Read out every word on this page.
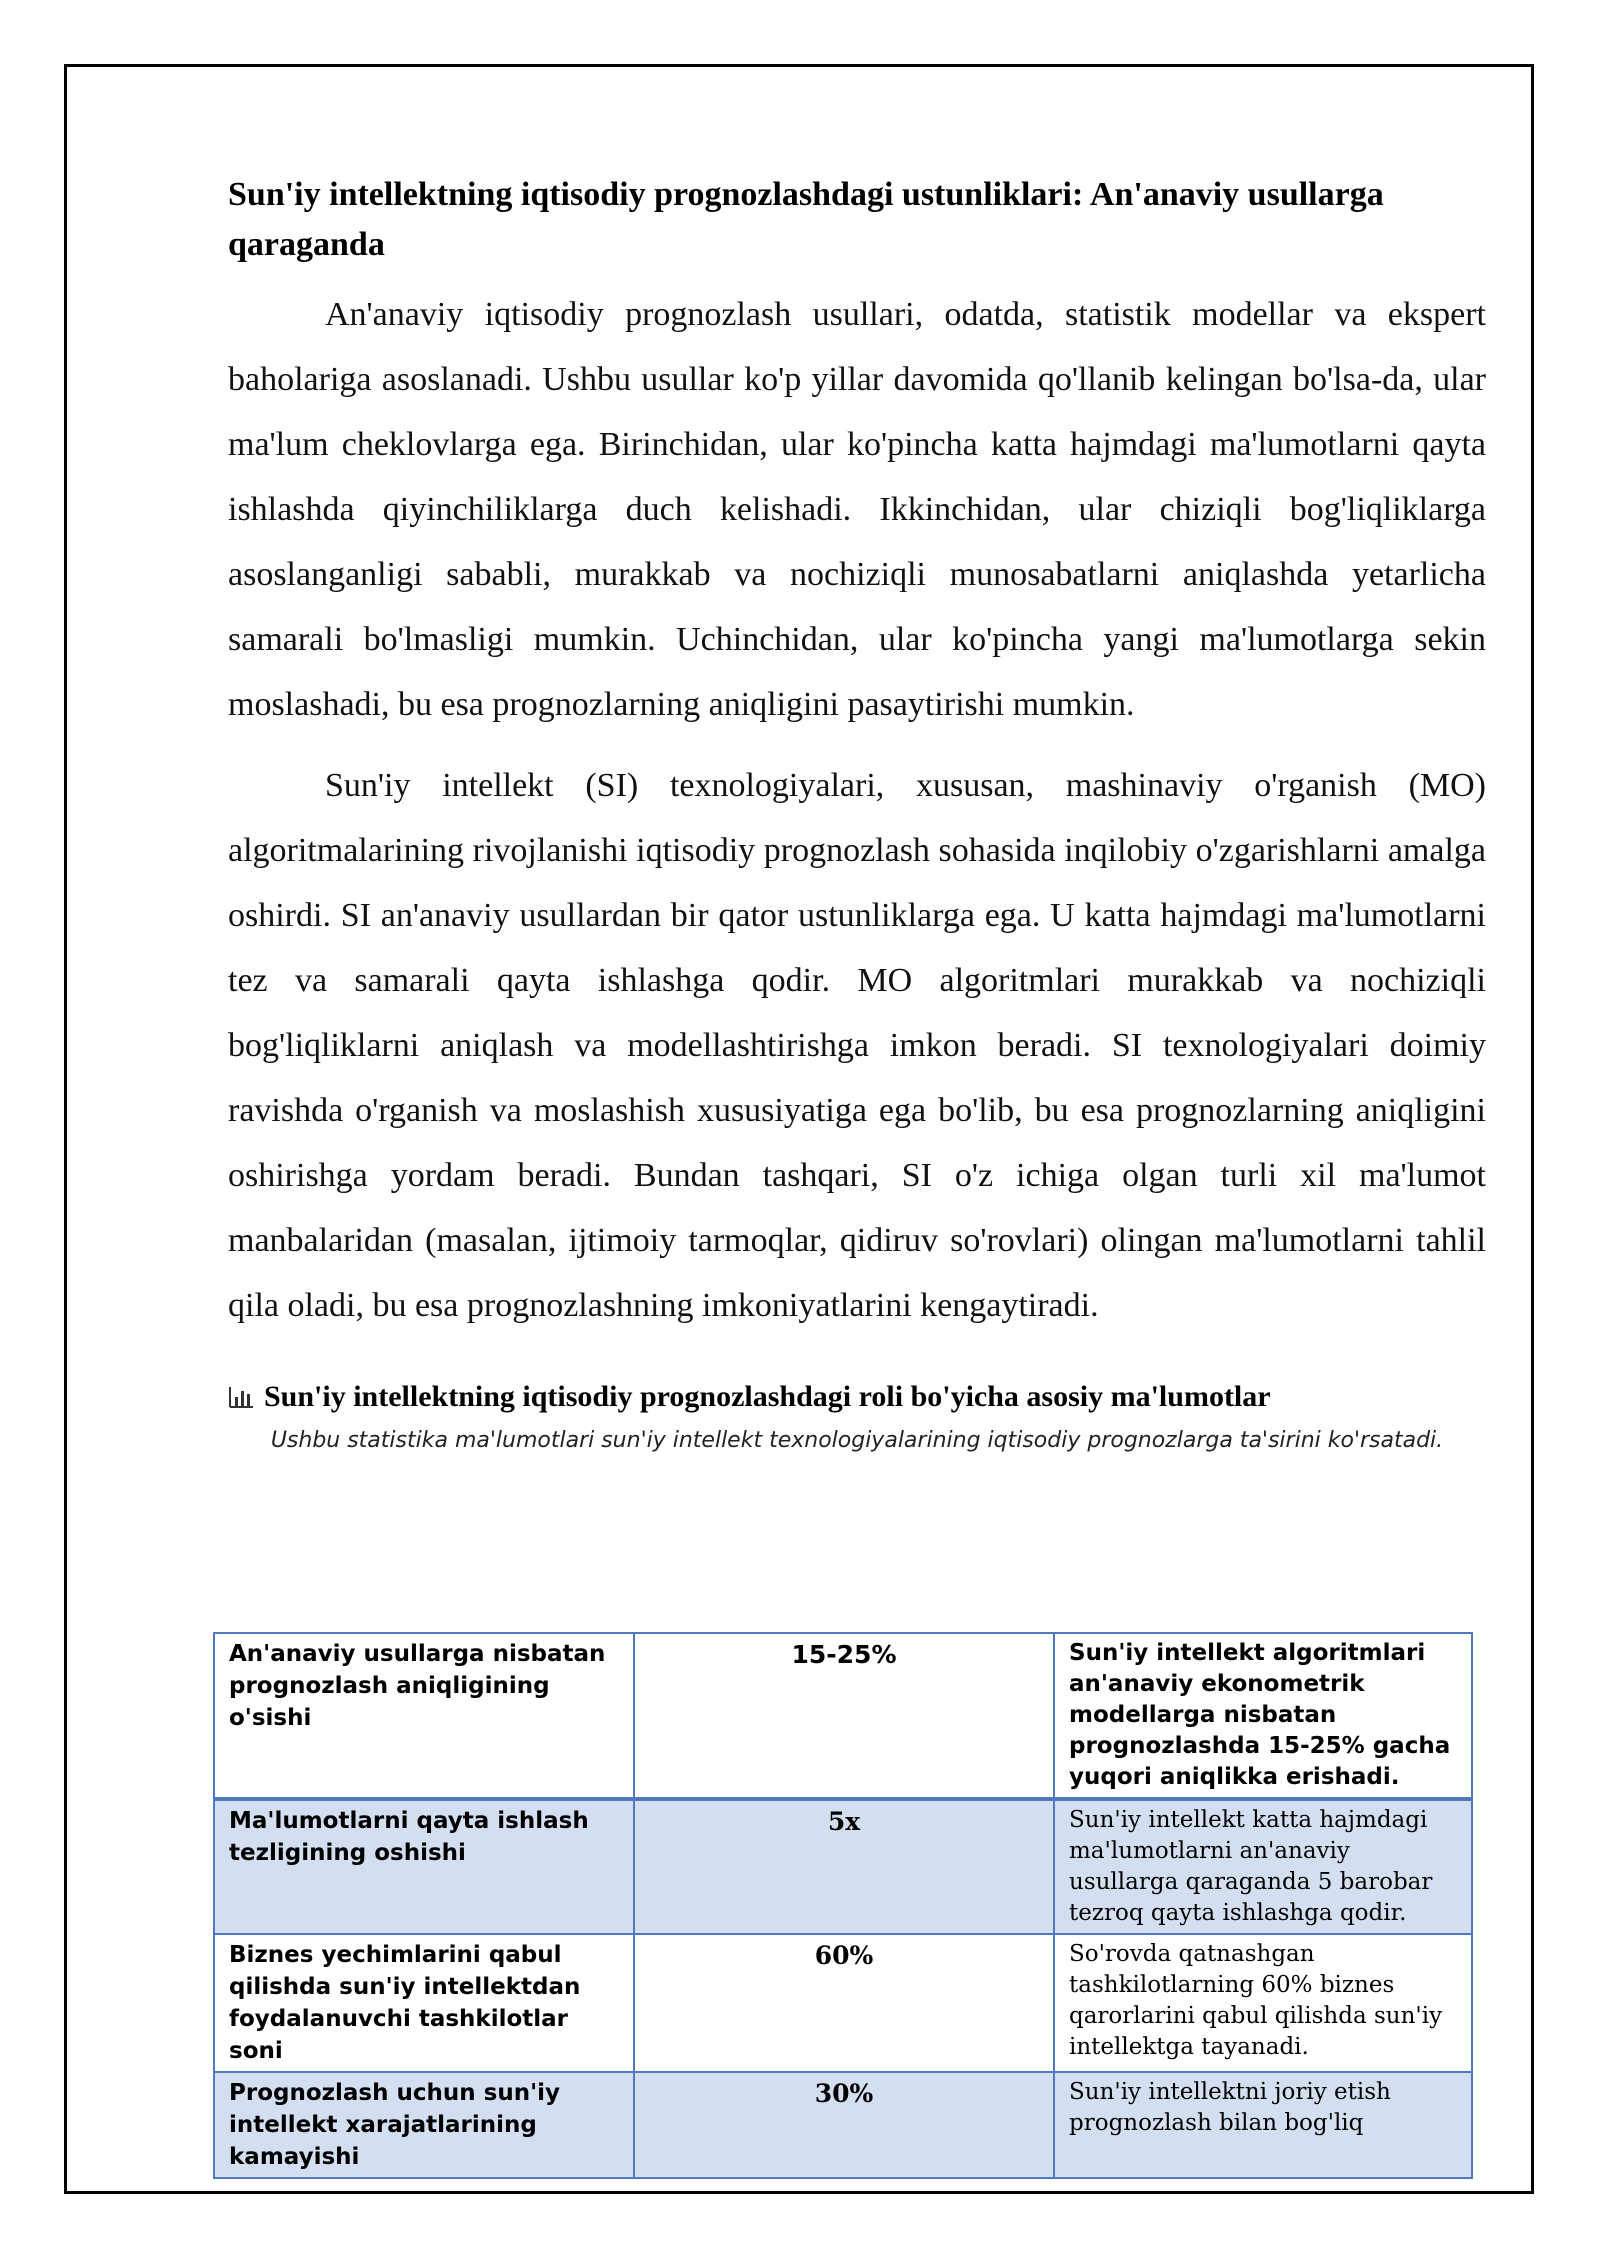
Sun'iy intellektning iqtisodiy prognozlashdagi ustunliklari: An'anaviy usullarga qaraganda

An'anaviy iqtisodiy prognozlash usullari, odatda, statistik modellar va ekspert baholariga asoslanadi. Ushbu usullar ko'p yillar davomida qo'llanib kelingan bo'lsa-da, ular ma'lum cheklovlarga ega. Birinchidan, ular ko'pincha katta hajmdagi ma'lumotlarni qayta ishlashda qiyinchiliklarga duch kelishadi. Ikkinchidan, ular chiziqli bog'liqliklarga asoslanganligi sababli, murakkab va nochiziqli munosabatlarni aniqlashda yetarlicha samarali bo'lmasligi mumkin. Uchinchidan, ular ko'pincha yangi ma'lumotlarga sekin moslashadi, bu esa prognozlarning aniqligini pasaytirishi mumkin.

Sun'iy intellekt (SI) texnologiyalari, xususan, mashinaviy o'rganish (MO) algoritmalarining rivojlanishi iqtisodiy prognozlash sohasida inqilobiy o'zgarishlarni amalga oshirdi. SI an'anaviy usullardan bir qator ustunliklarga ega. U katta hajmdagi ma'lumotlarni tez va samarali qayta ishlashga qodir. MO algoritmlari murakkab va nochiziqli bog'liqliklarni aniqlash va modellashtirishga imkon beradi. SI texnologiyalari doimiy ravishda o'rganish va moslashish xususiyatiga ega bo'lib, bu esa prognozlarning aniqligini oshirishga yordam beradi. Bundan tashqari, SI o'z ichiga olgan turli xil ma'lumot manbalaridan (masalan, ijtimoiy tarmoqlar, qidiruv so'rovlari) olingan ma'lumotlarni tahlil qila oladi, bu esa prognozlashning imkoniyatlarini kengaytiradi.

Sun'iy intellektning iqtisodiy prognozlashdagi roli bo'yicha asosiy ma'lumotlar
Ushbu statistika ma'lumotlari sun'iy intellekt texnologiyalarining iqtisodiy prognozlarga ta'sirini ko'rsatadi.
An'anaviy usullarga nisbatan prognozlash aniqligining o'sishi	15-25%	Sun'iy intellekt algoritmlari an'anaviy ekonometrik modellarga nisbatan prognozlashda 15-25% gacha yuqori aniqlikka erishadi.
Ma'lumotlarni qayta ishlash tezligining oshishi	5x	Sun'iy intellekt katta hajmdagi ma'lumotlarni an'anaviy usullarga qaraganda 5 barobar tezroq qayta ishlashga qodir.
Biznes yechimlarini qabul qilishda sun'iy intellektdan foydalanuvchi tashkilotlar soni	60%	So'rovda qatnashgan tashkilotlarning 60% biznes qarorlarini qabul qilishda sun'iy intellektga tayanadi.
Prognozlash uchun sun'iy intellekt xarajatlarining kamayishi	30%	Sun'iy intellektni joriy etish prognozlash bilan bog'liq
